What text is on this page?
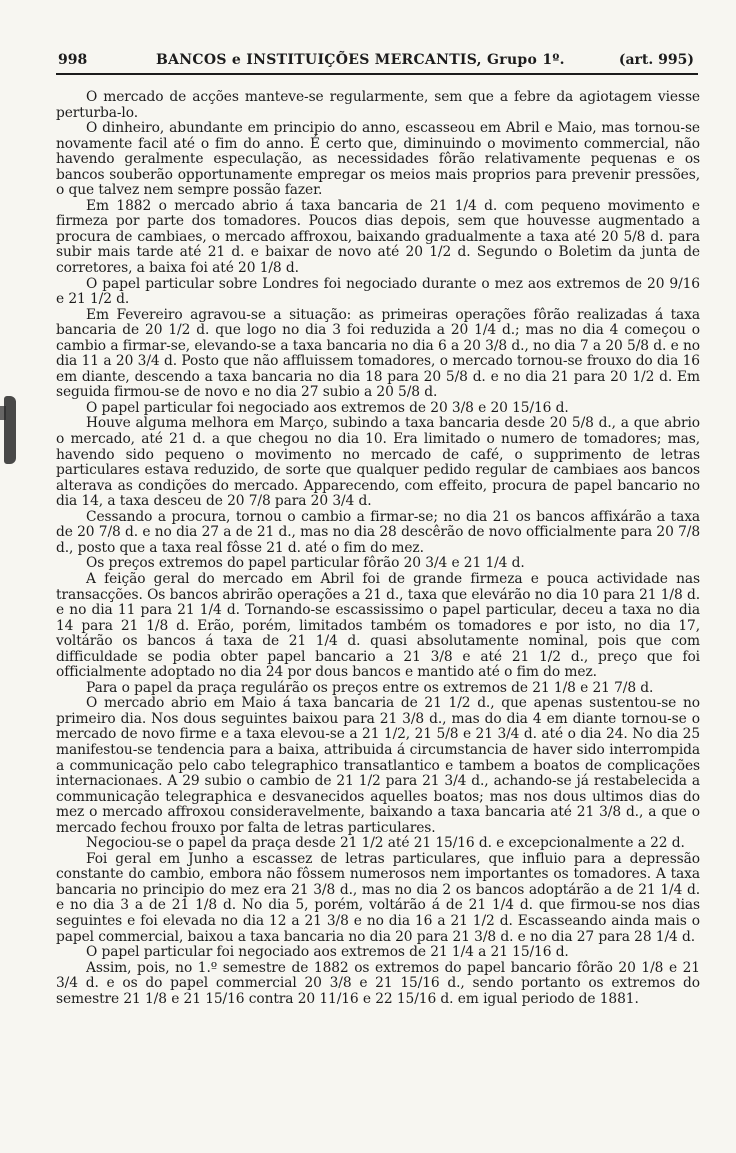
998	BANCOS e INSTITUIÇÕES MERCANTIS, Grupo 1º.	(art. 995)

O mercado de acções manteve-se regularmente, sem que a febre da agiotagem viesse perturba-lo.

O dinheiro, abundante em principio do anno, escasseou em Abril e Maio, mas tornou-se novamente facil até o fim do anno. É certo que, diminuindo o movimento commercial, não havendo geralmente especulação, as necessidades fôrão relativamente pequenas e os bancos souberão opportunamente empregar os meios mais proprios para prevenir pressões, o que talvez nem sempre possão fazer.

Em 1882 o mercado abrio á taxa bancaria de 21 1/4 d. com pequeno movimento e firmeza por parte dos tomadores. Poucos dias depois, sem que houvesse augmentado a procura de cambiaes, o mercado affroxou, baixando gradualmente a taxa até 20 5/8 d. para subir mais tarde até 21 d. e baixar de novo até 20 1/2 d. Segundo o Boletim da junta de corretores, a baixa foi até 20 1/8 d.

O papel particular sobre Londres foi negociado durante o mez aos extremos de 20 9/16 e 21 1/2 d.

Em Fevereiro agravou-se a situação: as primeiras operações fôrão realizadas á taxa bancaria de 20 1/2 d. que logo no dia 3 foi reduzida a 20 1/4 d.; mas no dia 4 começou o cambio a firmar-se, elevando-se a taxa bancaria no dia 6 a 20 3/8 d., no dia 7 a 20 5/8 d. e no dia 11 a 20 3/4 d. Posto que não affluissem tomadores, o mercado tornou-se frouxo do dia 16 em diante, descendo a taxa bancaria no dia 18 para 20 5/8 d. e no dia 21 para 20 1/2 d. Em seguida firmou-se de novo e no dia 27 subio a 20 5/8 d.

O papel particular foi negociado aos extremos de 20 3/8 e 20 15/16 d.

Houve alguma melhora em Março, subindo a taxa bancaria desde 20 5/8 d., a que abrio o mercado, até 21 d. a que chegou no dia 10. Era limitado o numero de tomadores; mas, havendo sido pequeno o movimento no mercado de café, o supprimento de letras particulares estava reduzido, de sorte que qualquer pedido regular de cambiaes aos bancos alterava as condições do mercado. Apparecendo, com effeito, procura de papel bancario no dia 14, a taxa desceu de 20 7/8 para 20 3/4 d.

Cessando a procura, tornou o cambio a firmar-se; no dia 21 os bancos affixárão a taxa de 20 7/8 d. e no dia 27 a de 21 d., mas no dia 28 descêrão de novo officialmente para 20 7/8 d., posto que a taxa real fôsse 21 d. até o fim do mez.

Os preços extremos do papel particular fôrão 20 3/4 e 21 1/4 d.

A feição geral do mercado em Abril foi de grande firmeza e pouca actividade nas transacções. Os bancos abrirão operações a 21 d., taxa que elevárão no dia 10 para 21 1/8 d. e no dia 11 para 21 1/4 d. Tornando-se escassissimo o papel particular, deceu a taxa no dia 14 para 21 1/8 d. Erão, porém, limitados também os tomadores e por isto, no dia 17, voltárão os bancos á taxa de 21 1/4 d. quasi absolutamente nominal, pois que com difficuldade se podia obter papel bancario a 21 3/8 e até 21 1/2 d., preço que foi officialmente adoptado no dia 24 por dous bancos e mantido até o fim do mez.

Para o papel da praça regulárão os preços entre os extremos de 21 1/8 e 21 7/8 d.

O mercado abrio em Maio á taxa bancaria de 21 1/2 d., que apenas sustentou-se no primeiro dia. Nos dous seguintes baixou para 21 3/8 d., mas do dia 4 em diante tornou-se o mercado de novo firme e a taxa elevou-se a 21 1/2, 21 5/8 e 21 3/4 d. até o dia 24. No dia 25 manifestou-se tendencia para a baixa, attribuida á circumstancia de haver sido interrompida a communicação pelo cabo telegraphico transatlantico e tambem a boatos de complicações internacionaes. A 29 subio o cambio de 21 1/2 para 21 3/4 d., achando-se já restabelecida a communicação telegraphica e desvanecidos aquelles boatos; mas nos dous ultimos dias do mez o mercado affroxou consideravelmente, baixando a taxa bancaria até 21 3/8 d., a que o mercado fechou frouxo por falta de letras particulares.

Negociou-se o papel da praça desde 21 1/2 até 21 15/16 d. e excepcionalmente a 22 d.

Foi geral em Junho a escassez de letras particulares, que influio para a depressão constante do cambio, embora não fôssem numerosos nem importantes os tomadores. A taxa bancaria no principio do mez era 21 3/8 d., mas no dia 2 os bancos adoptárão a de 21 1/4 d. e no dia 3 a de 21 1/8 d. No dia 5, porém, voltárão á de 21 1/4 d. que firmou-se nos dias seguintes e foi elevada no dia 12 a 21 3/8 e no dia 16 a 21 1/2 d. Escasseando ainda mais o papel commercial, baixou a taxa bancaria no dia 20 para 21 3/8 d. e no dia 27 para 28 1/4 d.

O papel particular foi negociado aos extremos de 21 1/4 a 21 15/16 d.

Assim, pois, no 1.º semestre de 1882 os extremos do papel bancario fôrão 20 1/8 e 21 3/4 d. e os do papel commercial 20 3/8 e 21 15/16 d., sendo portanto os extremos do semestre 21 1/8 e 21 15/16 contra 20 11/16 e 22 15/16 d. em igual periodo de 1881.
